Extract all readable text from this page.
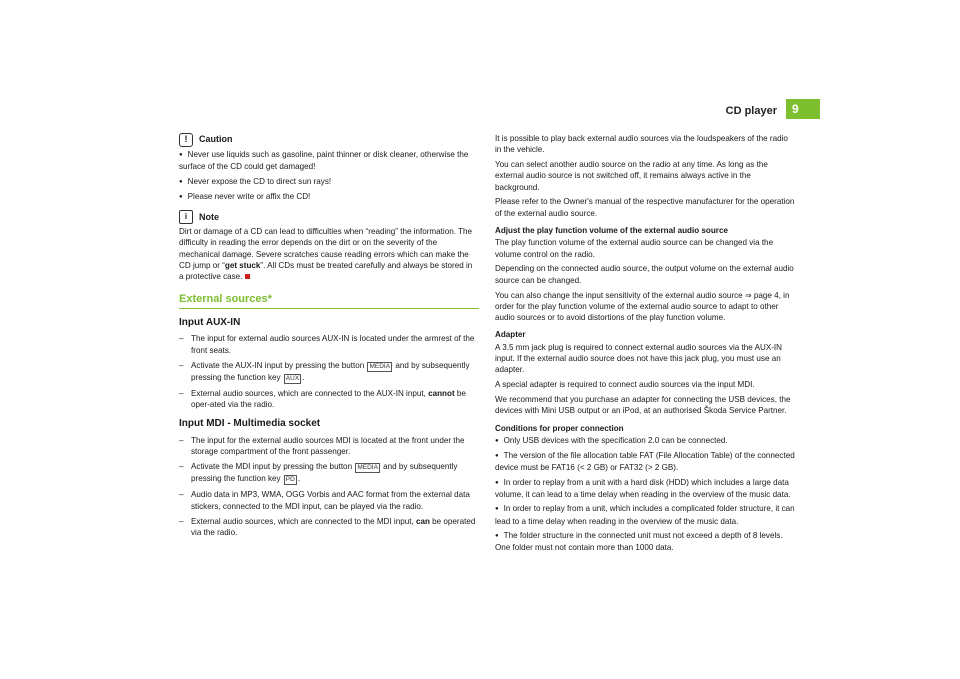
CD player	9
!	Caution

● Never use liquids such as gasoline, paint thinner or disk cleaner, otherwise the surface of the CD could get damaged!

● Never expose the CD to direct sun rays!

● Please never write or affix the CD!

i	Note

Dirt or damage of a CD can lead to difficulties when “reading” the information. The difficulty in reading the error depends on the dirt or on the severity of the mechanical damage. Severe scratches cause reading errors which can make the CD jump or “get stuck”. All CDs must be treated carefully and always be stored in a protective case.

External sources*
Input AUX-IN

– The input for external audio sources AUX-IN is located under the armrest of the front seats.

– Activate the AUX-IN input by pressing the button MEDIA and by subsequently pressing the function key AUX .

– External audio sources, which are connected to the AUX-IN input, cannot be oper-ated via the radio.

Input MDI - Multimedia socket

– The input for the external audio sources MDI is located at the front under the storage compartment of the front passenger.

– Activate the MDI input by pressing the button MEDIA and by subsequently pressing the function key PD .

– Audio data in MP3, WMA, OGG Vorbis and AAC format from the external data stickers, connected to the MDI input, can be played via the radio.

– External audio sources, which are connected to the MDI input, can be operated via the radio.

It is possible to play back external audio sources via the loudspeakers of the radio in the vehicle.

You can select another audio source on the radio at any time. As long as the external audio source is not switched off, it remains always active in the background.

Please refer to the Owner's manual of the respective manufacturer for the operation of the external audio source.

Adjust the play function volume of the external audio source

The play function volume of the external audio source can be changed via the volume control on the radio.

Depending on the connected audio source, the output volume on the external audio source can be changed.

You can also change the input sensitivity of the external audio source ⇒ page 4, in order for the play function volume of the external audio source to adapt to other audio sources or to avoid distortions of the play function volume.

Adapter

A 3.5 mm jack plug is required to connect external audio sources via the AUX-IN input. If the external audio source does not have this jack plug, you must use an adapter.

A special adapter is required to connect audio sources via the input MDI.

We recommend that you purchase an adapter for connecting the USB devices, the devices with Mini USB output or an iPod, at an authorised Škoda Service Partner.

Conditions for proper connection

● Only USB devices with the specification 2.0 can be connected.

● The version of the file allocation table FAT (File Allocation Table) of the connected device must be FAT16 (< 2 GB) or FAT32 (> 2 GB).

● In order to replay from a unit with a hard disk (HDD) which includes a large data volume, it can lead to a time delay when reading in the overview of the music data.

● In order to replay from a unit, which includes a complicated folder structure, it can lead to a time delay when reading in the overview of the music data.

● The folder structure in the connected unit must not exceed a depth of 8 levels. One folder must not contain more than 1000 data.
